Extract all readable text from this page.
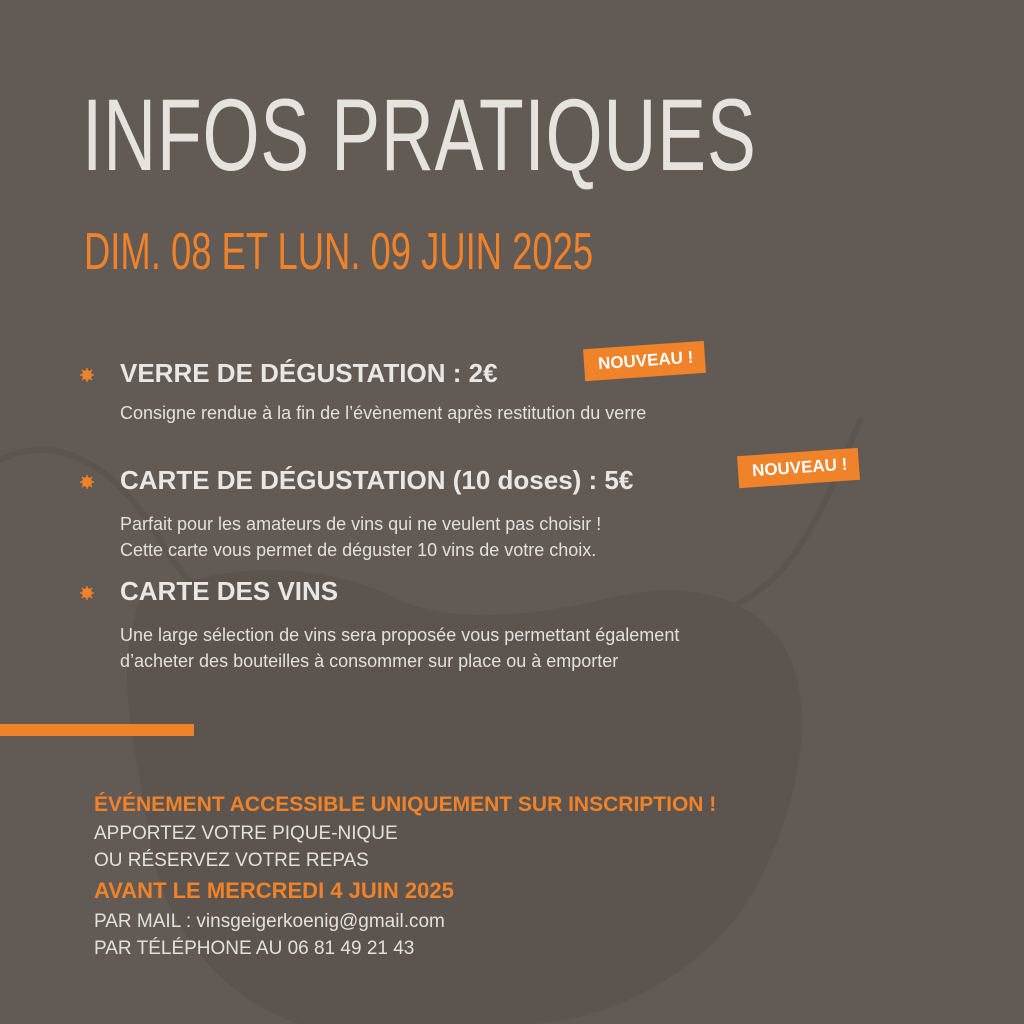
INFOS PRATIQUES
DIM. 08 ET LUN. 09 JUIN 2025
VERRE DE DÉGUSTATION : 2€
Consigne rendue à la fin de l’évènement après restitution du verre
NOUVEAU !
CARTE DE DÉGUSTATION (10 doses) : 5€
Parfait pour les amateurs de vins qui ne veulent pas choisir !
Cette carte vous permet de déguster 10 vins de votre choix.
NOUVEAU !
CARTE DES VINS
Une large sélection de vins sera proposée vous permettant également
d’acheter des bouteilles à consommer sur place ou à emporter
ÉVÉNEMENT ACCESSIBLE UNIQUEMENT SUR INSCRIPTION !
APPORTEZ VOTRE PIQUE-NIQUE
OU RÉSERVEZ VOTRE REPAS
AVANT LE MERCREDI 4 JUIN 2025
PAR MAIL : vinsgeigerkoenig@gmail.com
PAR TÉLÉPHONE AU 06 81 49 21 43
